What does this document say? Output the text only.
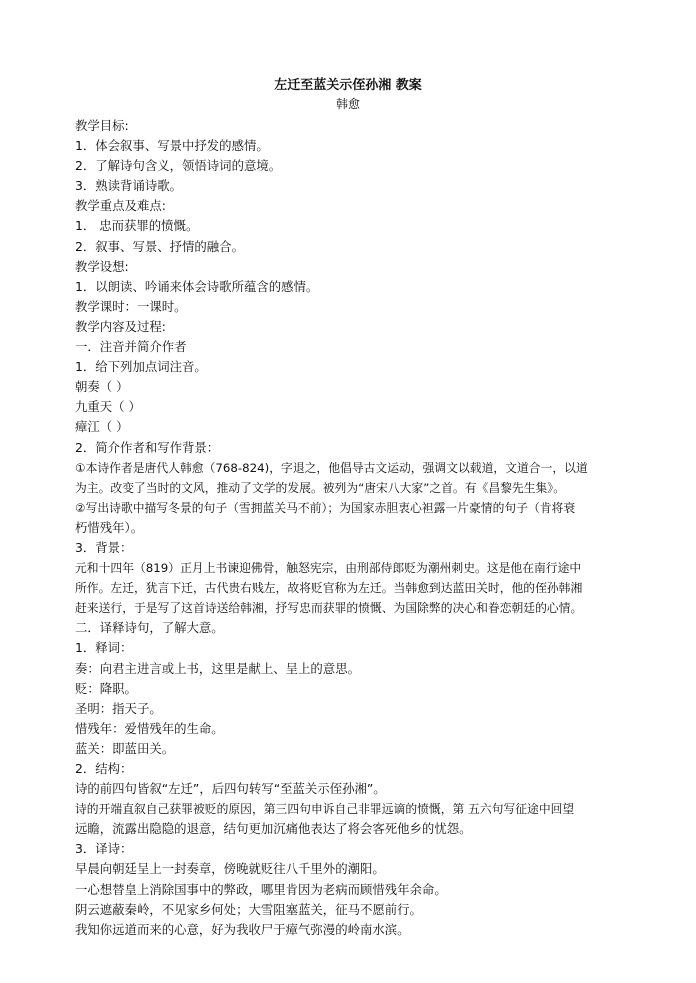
左迁至蓝关示侄孙湘 教案
韩愈
教学目标:
1．体会叙事、写景中抒发的感情。
2．了解诗句含义，领悟诗词的意境。
3．熟读背诵诗歌。
教学重点及难点:
1． 忠而获罪的愤慨。
2．叙事、写景、抒情的融合。
教学设想:
1．以朗读、吟诵来体会诗歌所蕴含的感情。
教学课时：一课时。
教学内容及过程:
一．注音并简介作者
1．给下列加点词注音。
朝奏（ ）
九重天（ ）
瘴江（ ）
2．简介作者和写作背景：
①本诗作者是唐代人韩愈（768-824)，字退之，他倡导古文运动，强调文以载道，文道合一，以道
为主。改变了当时的文风，推动了文学的发展。被列为“唐宋八大家”之首。有《昌黎先生集》。
②写出诗歌中描写冬景的句子（雪拥蓝关马不前）；为国家赤胆衷心袒露一片豪情的句子（肯将衰
朽惜残年）。
3．背景：
元和十四年（819）正月上书谏迎佛骨，触怒宪宗，由刑部侍郎贬为潮州刺史。这是他在南行途中
所作。左迁，犹言下迁，古代贵右贱左，故将贬官称为左迁。当韩愈到达蓝田关时，他的侄孙韩湘
赶来送行，于是写了这首诗送给韩湘，抒写忠而获罪的愤慨、为国除弊的决心和眷恋朝廷的心情。
二．译释诗句，了解大意。
1．释词：
奏：向君主进言或上书，这里是献上、呈上的意思。
贬：降职。
圣明：指天子。
惜残年：爱惜残年的生命。
蓝关：即蓝田关。
2．结构：
诗的前四句皆叙“左迁”，后四句转写“至蓝关示侄孙湘”。
诗的开端直叙自己获罪被贬的原因，第三四句申诉自己非罪远谪的愤慨，第 五六句写征途中回望
远瞻，流露出隐隐的退意，结句更加沉痛他表达了将会客死他乡的忧怨。
3．译诗：
早晨向朝廷呈上一封奏章，傍晚就贬往八千里外的潮阳。
一心想替皇上消除国事中的弊政，哪里肯因为老病而顾惜残年余命。
阴云遮蔽秦岭，不见家乡何处；大雪阻塞蓝关，征马不愿前行。
我知你远道而来的心意，好为我收尸于瘴气弥漫的岭南水滨。
